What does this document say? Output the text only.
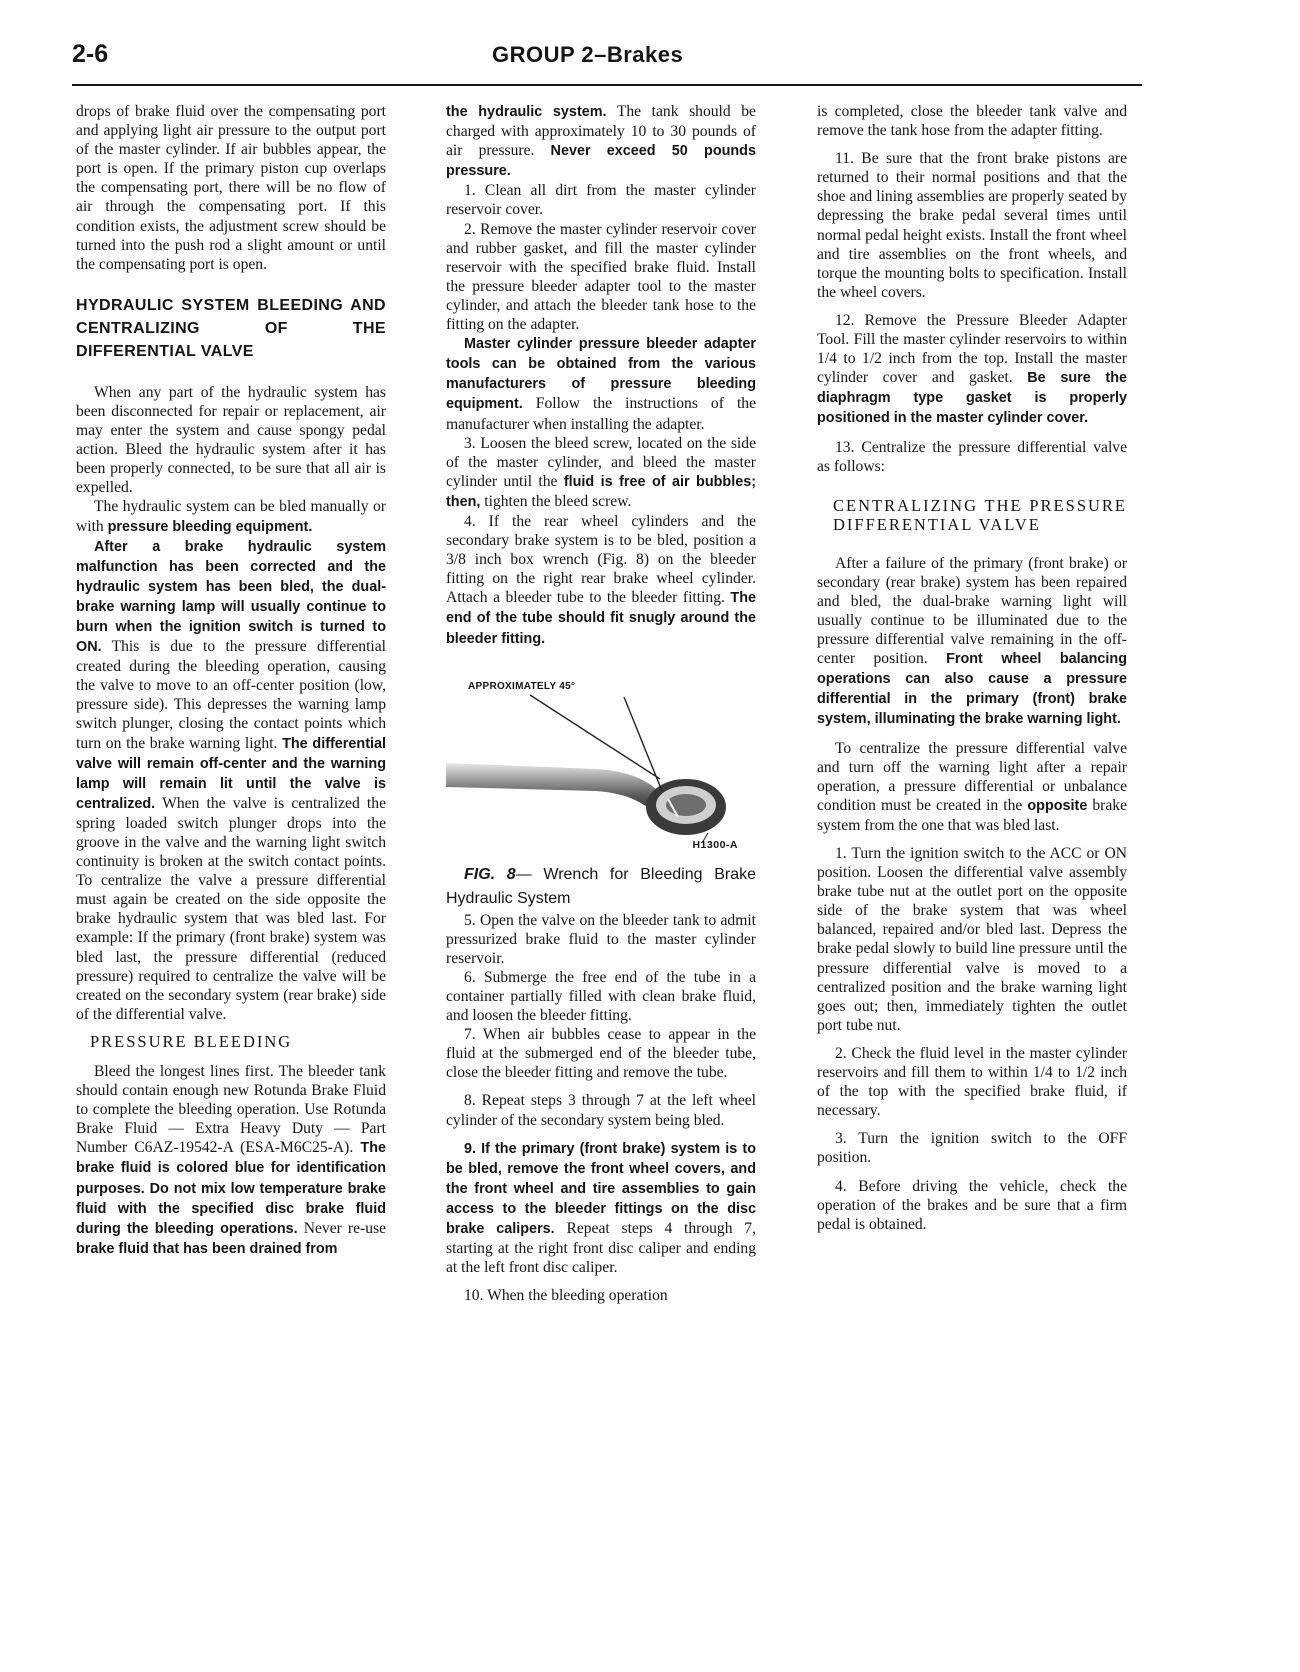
2-6	GROUP 2–Brakes

drops of brake fluid over the compensating port and applying light air pressure to the output port of the master cylinder. If air bubbles appear, the port is open. If the primary piston cup overlaps the compensating port, there will be no flow of air through the compensating port. If this condition exists, the adjustment screw should be turned into the push rod a slight amount or until the compensating port is open.

HYDRAULIC SYSTEM BLEEDING AND CENTRALIZING OF THE DIFFERENTIAL VALVE

When any part of the hydraulic system has been disconnected for repair or replacement, air may enter the system and cause spongy pedal action. Bleed the hydraulic system after it has been properly connected, to be sure that all air is expelled.

The hydraulic system can be bled manually or with pressure bleeding equipment.

After a brake hydraulic system malfunction has been corrected and the hydraulic system has been bled, the dual-brake warning lamp will usually continue to burn when the ignition switch is turned to ON. This is due to the pressure differential created during the bleeding operation, causing the valve to move to an off-center position (low, pressure side). This depresses the warning lamp switch plunger, closing the contact points which turn on the brake warning light. The differential valve will remain off-center and the warning lamp will remain lit until the valve is centralized. When the valve is centralized the spring loaded switch plunger drops into the groove in the valve and the warning light switch continuity is broken at the switch contact points. To centralize the valve a pressure differential must again be created on the side opposite the brake hydraulic system that was bled last. For example: If the primary (front brake) system was bled last, the pressure differential (reduced pressure) required to centralize the valve will be created on the secondary system (rear brake) side of the differential valve.

PRESSURE BLEEDING

Bleed the longest lines first. The bleeder tank should contain enough new Rotunda Brake Fluid to complete the bleeding operation. Use Rotunda Brake Fluid — Extra Heavy Duty — Part Number C6AZ-19542-A (ESA-M6C25-A). The brake fluid is colored blue for identification purposes. Do not mix low temperature brake fluid with the specified disc brake fluid during the bleeding operations. Never re-use brake fluid that has been drained from

the hydraulic system. The tank should be charged with approximately 10 to 30 pounds of air pressure. Never exceed 50 pounds pressure.

1. Clean all dirt from the master cylinder reservoir cover.

2. Remove the master cylinder reservoir cover and rubber gasket, and fill the master cylinder reservoir with the specified brake fluid. Install the pressure bleeder adapter tool to the master cylinder, and attach the bleeder tank hose to the fitting on the adapter.

Master cylinder pressure bleeder adapter tools can be obtained from the various manufacturers of pressure bleeding equipment. Follow the instructions of the manufacturer when installing the adapter.

3. Loosen the bleed screw, located on the side of the master cylinder, and bleed the master cylinder until the fluid is free of air bubbles; then, tighten the bleed screw.

4. If the rear wheel cylinders and the secondary brake system is to be bled, position a 3/8 inch box wrench (Fig. 8) on the bleeder fitting on the right rear brake wheel cylinder. Attach a bleeder tube to the bleeder fitting. The end of the tube should fit snugly around the bleeder fitting.

APPROXIMATELY 45°
H1300-A

FIG. 8— Wrench for Bleeding Brake Hydraulic System

5. Open the valve on the bleeder tank to admit pressurized brake fluid to the master cylinder reservoir.

6. Submerge the free end of the tube in a container partially filled with clean brake fluid, and loosen the bleeder fitting.

7. When air bubbles cease to appear in the fluid at the submerged end of the bleeder tube, close the bleeder fitting and remove the tube.

8. Repeat steps 3 through 7 at the left wheel cylinder of the secondary system being bled.

9. If the primary (front brake) system is to be bled, remove the front wheel covers, and the front wheel and tire assemblies to gain access to the bleeder fittings on the disc brake calipers. Repeat steps 4 through 7, starting at the right front disc caliper and ending at the left front disc caliper.

10. When the bleeding operation

is completed, close the bleeder tank valve and remove the tank hose from the adapter fitting.

11. Be sure that the front brake pistons are returned to their normal positions and that the shoe and lining assemblies are properly seated by depressing the brake pedal several times until normal pedal height exists. Install the front wheel and tire assemblies on the front wheels, and torque the mounting bolts to specification. Install the wheel covers.

12. Remove the Pressure Bleeder Adapter Tool. Fill the master cylinder reservoirs to within 1/4 to 1/2 inch from the top. Install the master cylinder cover and gasket. Be sure the diaphragm type gasket is properly positioned in the master cylinder cover.

13. Centralize the pressure differential valve as follows:

CENTRALIZING THE PRESSURE DIFFERENTIAL VALVE

After a failure of the primary (front brake) or secondary (rear brake) system has been repaired and bled, the dual-brake warning light will usually continue to be illuminated due to the pressure differential valve remaining in the off-center position. Front wheel balancing operations can also cause a pressure differential in the primary (front) brake system, illuminating the brake warning light.

To centralize the pressure differential valve and turn off the warning light after a repair operation, a pressure differential or unbalance condition must be created in the opposite brake system from the one that was bled last.

1. Turn the ignition switch to the ACC or ON position. Loosen the differential valve assembly brake tube nut at the outlet port on the opposite side of the brake system that was wheel balanced, repaired and/or bled last. Depress the brake pedal slowly to build line pressure until the pressure differential valve is moved to a centralized position and the brake warning light goes out; then, immediately tighten the outlet port tube nut.

2. Check the fluid level in the master cylinder reservoirs and fill them to within 1/4 to 1/2 inch of the top with the specified brake fluid, if necessary.

3. Turn the ignition switch to the OFF position.

4. Before driving the vehicle, check the operation of the brakes and be sure that a firm pedal is obtained.
